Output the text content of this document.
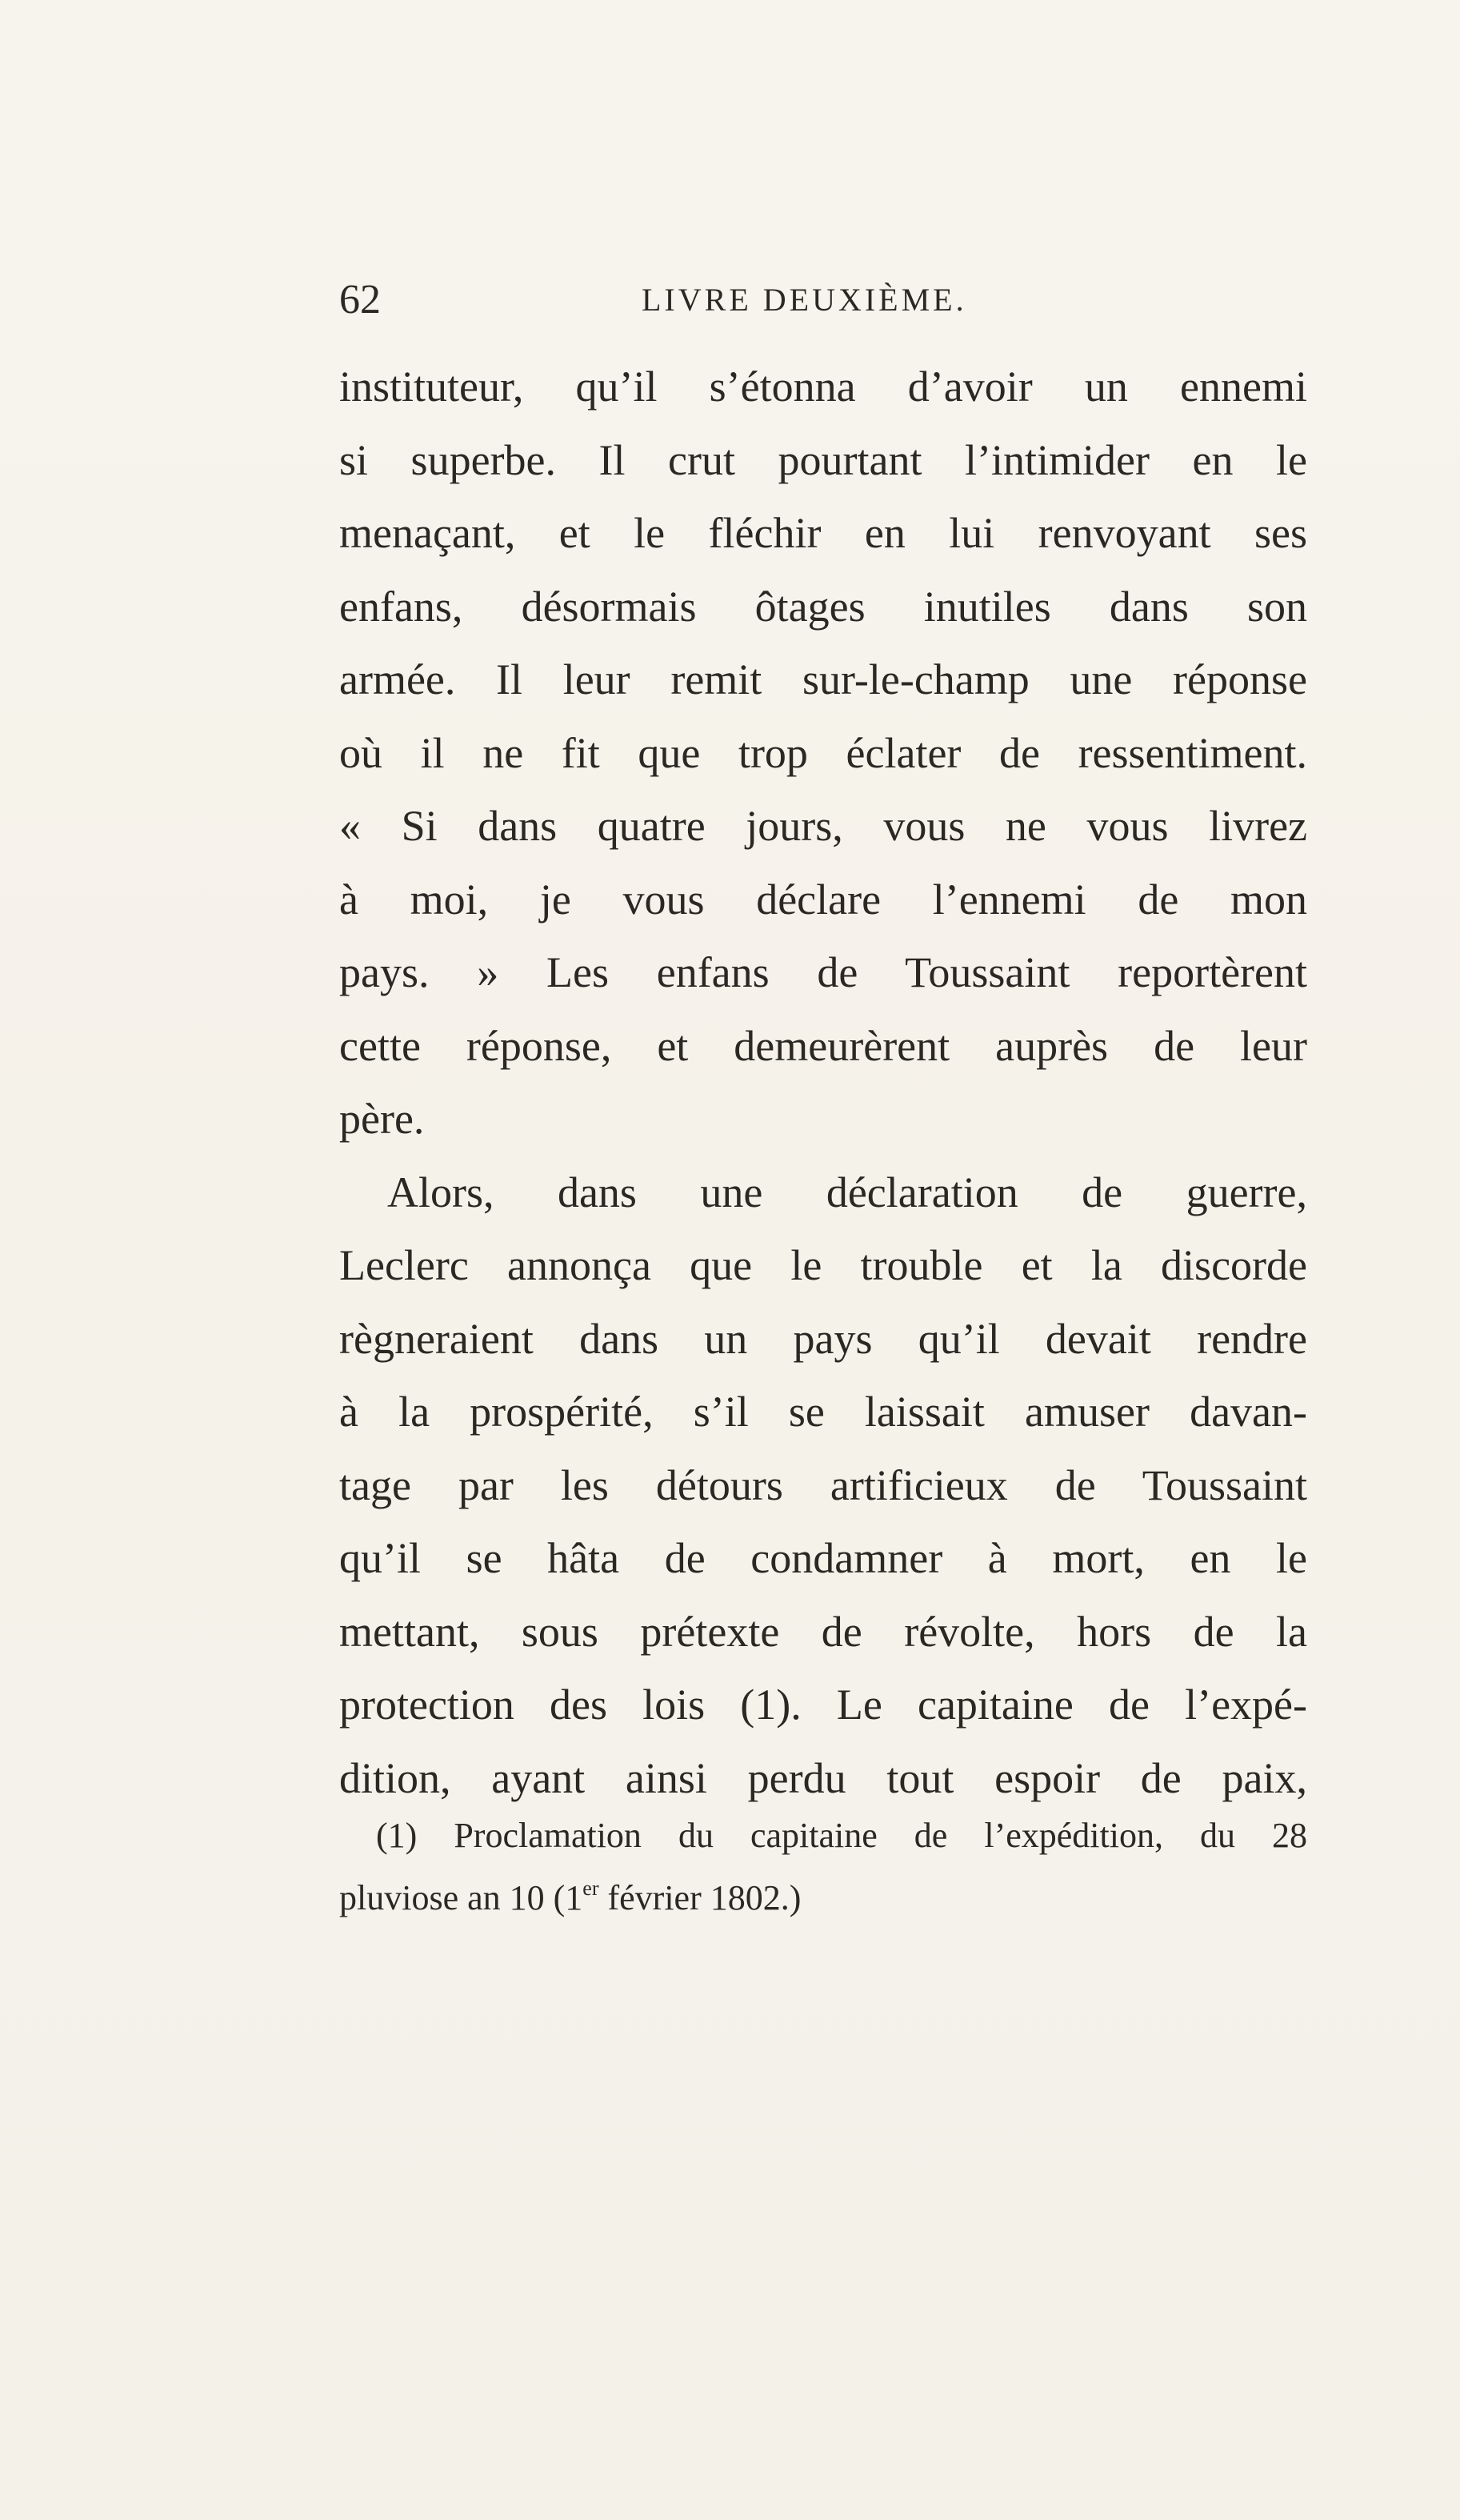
62	LIVRE DEUXIÈME.
instituteur, qu’il s’étonna d’avoir un ennemi
si superbe. Il crut pourtant l’intimider en le
menaçant, et le fléchir en lui renvoyant ses
enfans, désormais ôtages inutiles dans son
armée. Il leur remit sur-le-champ une réponse
où il ne fit que trop éclater de ressentiment.
« Si dans quatre jours, vous ne vous livrez
à moi, je vous déclare l’ennemi de mon
pays. » Les enfans de Toussaint reportèrent
cette réponse, et demeurèrent auprès de leur
père.
Alors, dans une déclaration de guerre,
Leclerc annonça que le trouble et la discorde
règneraient dans un pays qu’il devait rendre
à la prospérité, s’il se laissait amuser davan-
tage par les détours artificieux de Toussaint
qu’il se hâta de condamner à mort, en le
mettant, sous prétexte de révolte, hors de la
protection des lois (1). Le capitaine de l’expé-
dition, ayant ainsi perdu tout espoir de paix,
(1) Proclamation du capitaine de l’expédition, du 28
pluviose an 10 (1er février 1802.)
